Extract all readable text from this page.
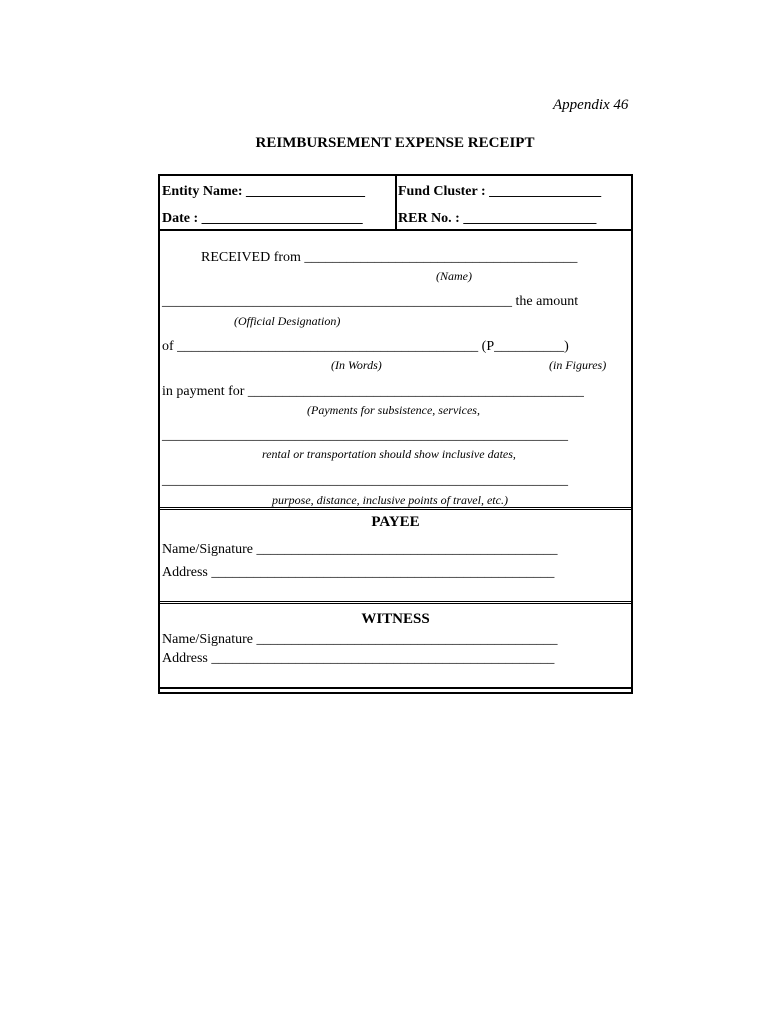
Appendix 46
REIMBURSEMENT EXPENSE RECEIPT
Entity Name: _________________
Date : _______________________
Fund Cluster : ________________
RER No. : ___________________
RECEIVED from _______________________________________
(Name)
__________________________________________________ the amount
(Official Designation)
of ___________________________________________ (P__________)
(In Words)	(in Figures)
in payment for ________________________________________________
(Payments for subsistence, services,
__________________________________________________________
rental or transportation should show inclusive dates,
__________________________________________________________
purpose, distance, inclusive points of travel, etc.)
PAYEE
Name/Signature ___________________________________________
Address _________________________________________________
WITNESS
Name/Signature ___________________________________________
Address _________________________________________________
